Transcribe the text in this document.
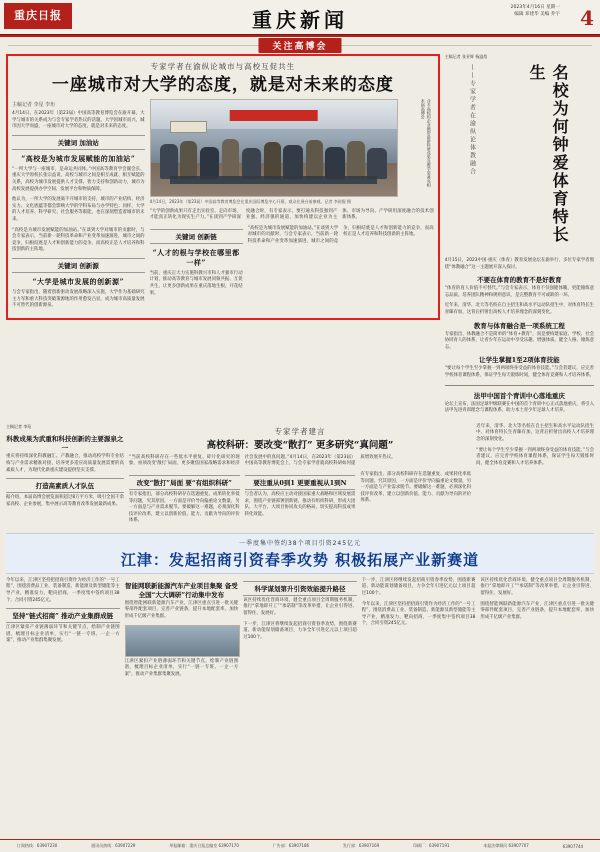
重庆日报	重庆新闻
2023年4月16日 星期一
编辑 邓建华 美编 乔宇 4
关注高博会
专家学者在渝纵论城市与高校互促共生
一座城市对大学的态度，就是对未来的态度
主稿记者 李星 李珩
4月14日，在2023年（第23届）中国高等教育博览会在渝开幕，大学与城市的关系成为与会专家学者热议的话题。大学因城市而兴，城市因大学而盛，一座城市对大学的态度，就是对未来的态度。
关键词 加油站
“高校是为城市发展赋能的加油站”
“一所大学与一座城市，是命运共同体。”中国高等教育学会副会长、重庆大学原校长张宗益说，高校与城市之间是相互成就、相互赋能的关系，高校为城市发展提供人才支撑、智力支持和创新动力，城市为高校发展提供办学空间、发展平台和物质保障。
他认为，一所大学的发展离不开城市的支持，城市的产业结构、经济实力、文化底蕴等都会影响大学的学科布局与办学特色；同样，大学的人才培养、科学研究、社会服务等职能，也在深刻塑造着城市的未来。
“高校是为城市发展赋能的加油站。”在谈到大学对城市的贡献时，与会专家表示，当前新一轮科技革命和产业变革加速演进，城市之间的竞争，归根结底是人才和创新能力的竞争，而高校正是人才培养和科技创新的主阵地。
关键词 创新源
“大学是城市发展的创新源”
与会专家指出，随着创新驱动发展战略深入实施，大学作为基础研究主力军和重大科技突破策源地的作用愈发凸显，成为城市高质量发展不可替代的创新源泉。
4月14日，2023年（第23届）中国高等教育博览会在重庆国际博览中心开幕，观众在展台前参观。记者 李裕锟 摄
众多高校和企业携带最新科研成果及教学装备亮相本届高博会
“大学的创新成果只有走出实验室、走向市场，才能真正转化为现实生产力。”在谈到产学研深度融合时，有专家表示，要打通从科技强到产业强、经济强的通道，加快构建以企业为主体、市场为导向、产学研用深度融合的技术创新体系。
关键词 创新链
“人才的根与学校在哪里都一样”
当前，重庆正大力实施科教兴市和人才强市行动计划，推动高等教育与城市发展同频共振、互促共生，让更多创新成果在重庆落地生根、开花结果。
“高校是为城市发展赋能的加油站。”在谈到大学对城市的贡献时，与会专家表示，当前新一轮科技革命和产业变革加速演进，城市之间的竞争，归根结底是人才和创新能力的竞争，而高校正是人才培养和科技创新的主阵地。
主稿记者 张亚辉 杨溢焓
——专家学者在渝纵论体教融合	名校为何钟爱体育特长生
4月15日，2023中国·重庆（体育）教育发展论坛在渝举行，多位专家学者围绕“体教融合”这一主题展开深入探讨。
不要在体育的教育不是好教育
“体育的育人价值不可替代。”与会专家表示，体育不仅强健体魄，更能锤炼意志品质、培养团队精神和规则意识，是完整教育不可或缺的一环。
近年来，清华、北大等名校在自主招生和高水平运动队招生中，对体育特长生青睐有加，这背后折射出高校人才培养理念的深刻变化。
教育与体育融合是一项系统工程
专家指出，体教融合不是简单的“体育+教育”，而是要构建家庭、学校、社会协同育人的体系，让青少年在运动中享受乐趣、增强体质、健全人格、锤炼意志。
让学生掌握1至2项体育技能
“要让每个学生至少掌握一到两项终身受益的体育技能。”与会者建议，应完善学校体育课程体系，保证学生每天锻炼时间，健全体育竞赛和人才培养体系。
法甲中国首个青训中心落地重庆
论坛上宣布，法国足球甲级联赛在中国的首个青训中心正式落地重庆，将引入法甲先进青训理念与课程体系，助力本土青少年足球人才培养。
主稿记者 李珩
科教成果为武重和科技创新的主要源泉之一
重庆将持续深化科教融汇、产教融合，推动高校学科专业结构与产业需求精准对接，培养更多适应高质量发展需要的高素质人才，为现代化新重庆建设提供坚实支撑。
打造高素质人才队伍
据介绍，本届高博会展览面积超过8万平方米，吸引全国千余家高校、企业参展，集中展示高等教育改革发展最新成果。
专家学者建言
高校科研：要改变“散打” 更多研究“真问题”
“当前高校科研存在一些低水平重复、碎片化研究的现象，亟须改变‘散打’局面，更多聚焦国家战略需求和经济社会发展中的真问题。”4月14日，在2023年（第23届）中国高等教育博览会上，与会专家学者就高校科研如何提质增效展开热议。
改变“散打”局面 要“有组织科研”
有专家指出，部分高校科研存在选题重复、成果转化率低等问题，究其原因，一方面是评价导向偏重论文数量，另一方面是与产业需求脱节。要破解这一难题，必须深化科技评价改革，建立以创新价值、能力、贡献为导向的评价体系。
要注重从0到1 更要重视从1到N
与会者认为，高校应主动对接国家重大战略和区域发展需求，围绕产业链部署创新链，推动有组织科研，形成大团队、大平台、大项目协同攻关的格局，切实提高科技成果转化效能。
有专家指出，部分高校科研存在选题重复、成果转化率低等问题，究其原因，一方面是评价导向偏重论文数量，另一方面是与产业需求脱节。要破解这一难题，必须深化科技评价改革，建立以创新价值、能力、贡献为导向的评价体系。
近年来，清华、北大等名校在自主招生和高水平运动队招生中，对体育特长生青睐有加，这背后折射出高校人才培养理念的深刻变化。
“要让每个学生至少掌握一到两项终身受益的体育技能。”与会者建议，应完善学校体育课程体系，保证学生每天锻炼时间，健全体育竞赛和人才培养体系。
一季度集中签约38个项目引资245亿元
江津：发起招商引资春季攻势 积极拓展产业新赛道
今年以来，江津区坚持把招商引资作为经济工作的“一号工程”，围绕消费品工业、装备制造、新能源及新型储能等主导产业，精准发力、靶向招商，一季度集中签约项目38个，合同引资245亿元。
坚持“链式招商” 推动产业集群成链
江津区紧扣产业链薄弱环节和关键节点，绘制产业链图谱，梳理目标企业清单，实行“一链一专班、一企一方案”，推动产业集群集聚发展。
智能网联新能源汽车产业项目集聚 备受全国“大大调研”行动集中发布
围绕智能网联新能源汽车产业，江津区重点引进一批关键零部件配套项目，完善产业链条，提升本地配套率，加快形成千亿级产业集群。
江津区紧扣产业链薄弱环节和关键节点，绘制产业链图谱，梳理目标企业清单，实行“一链一专班、一企一方案”，推动产业集群集聚发展。
科学谋划第升引资效能提升路径
该区持续优化营商环境，健全重点项目全周期服务机制，推行“拿地即开工”“承诺制”等改革举措，让企业引得进、留得住、发展好。
下一步，江津区将继续发起招商引资春季攻势，围绕新赛道、新动能谋划储备项目，力争全年引进亿元以上项目超过100个。
下一步，江津区将继续发起招商引资春季攻势，围绕新赛道、新动能谋划储备项目，力争全年引进亿元以上项目超过100个。
今年以来，江津区坚持把招商引资作为经济工作的“一号工程”，围绕消费品工业、装备制造、新能源及新型储能等主导产业，精准发力、靶向招商，一季度集中签约项目38个，合同引资245亿元。
该区持续优化营商环境，健全重点项目全周期服务机制，推行“拿地即开工”“承诺制”等改革举措，让企业引得进、留得住、发展好。
围绕智能网联新能源汽车产业，江津区重点引进一批关键零部件配套项目，完善产业链条，提升本地配套率，加快形成千亿级产业集群。
订阅热线：63907230	通讯员热线：63907229	举报邮箱：重庆日报总编室 63907170	广告部：63907186	发行部：63907169	印刷厂：63907191	本报法律顾问 63907707	63907744
